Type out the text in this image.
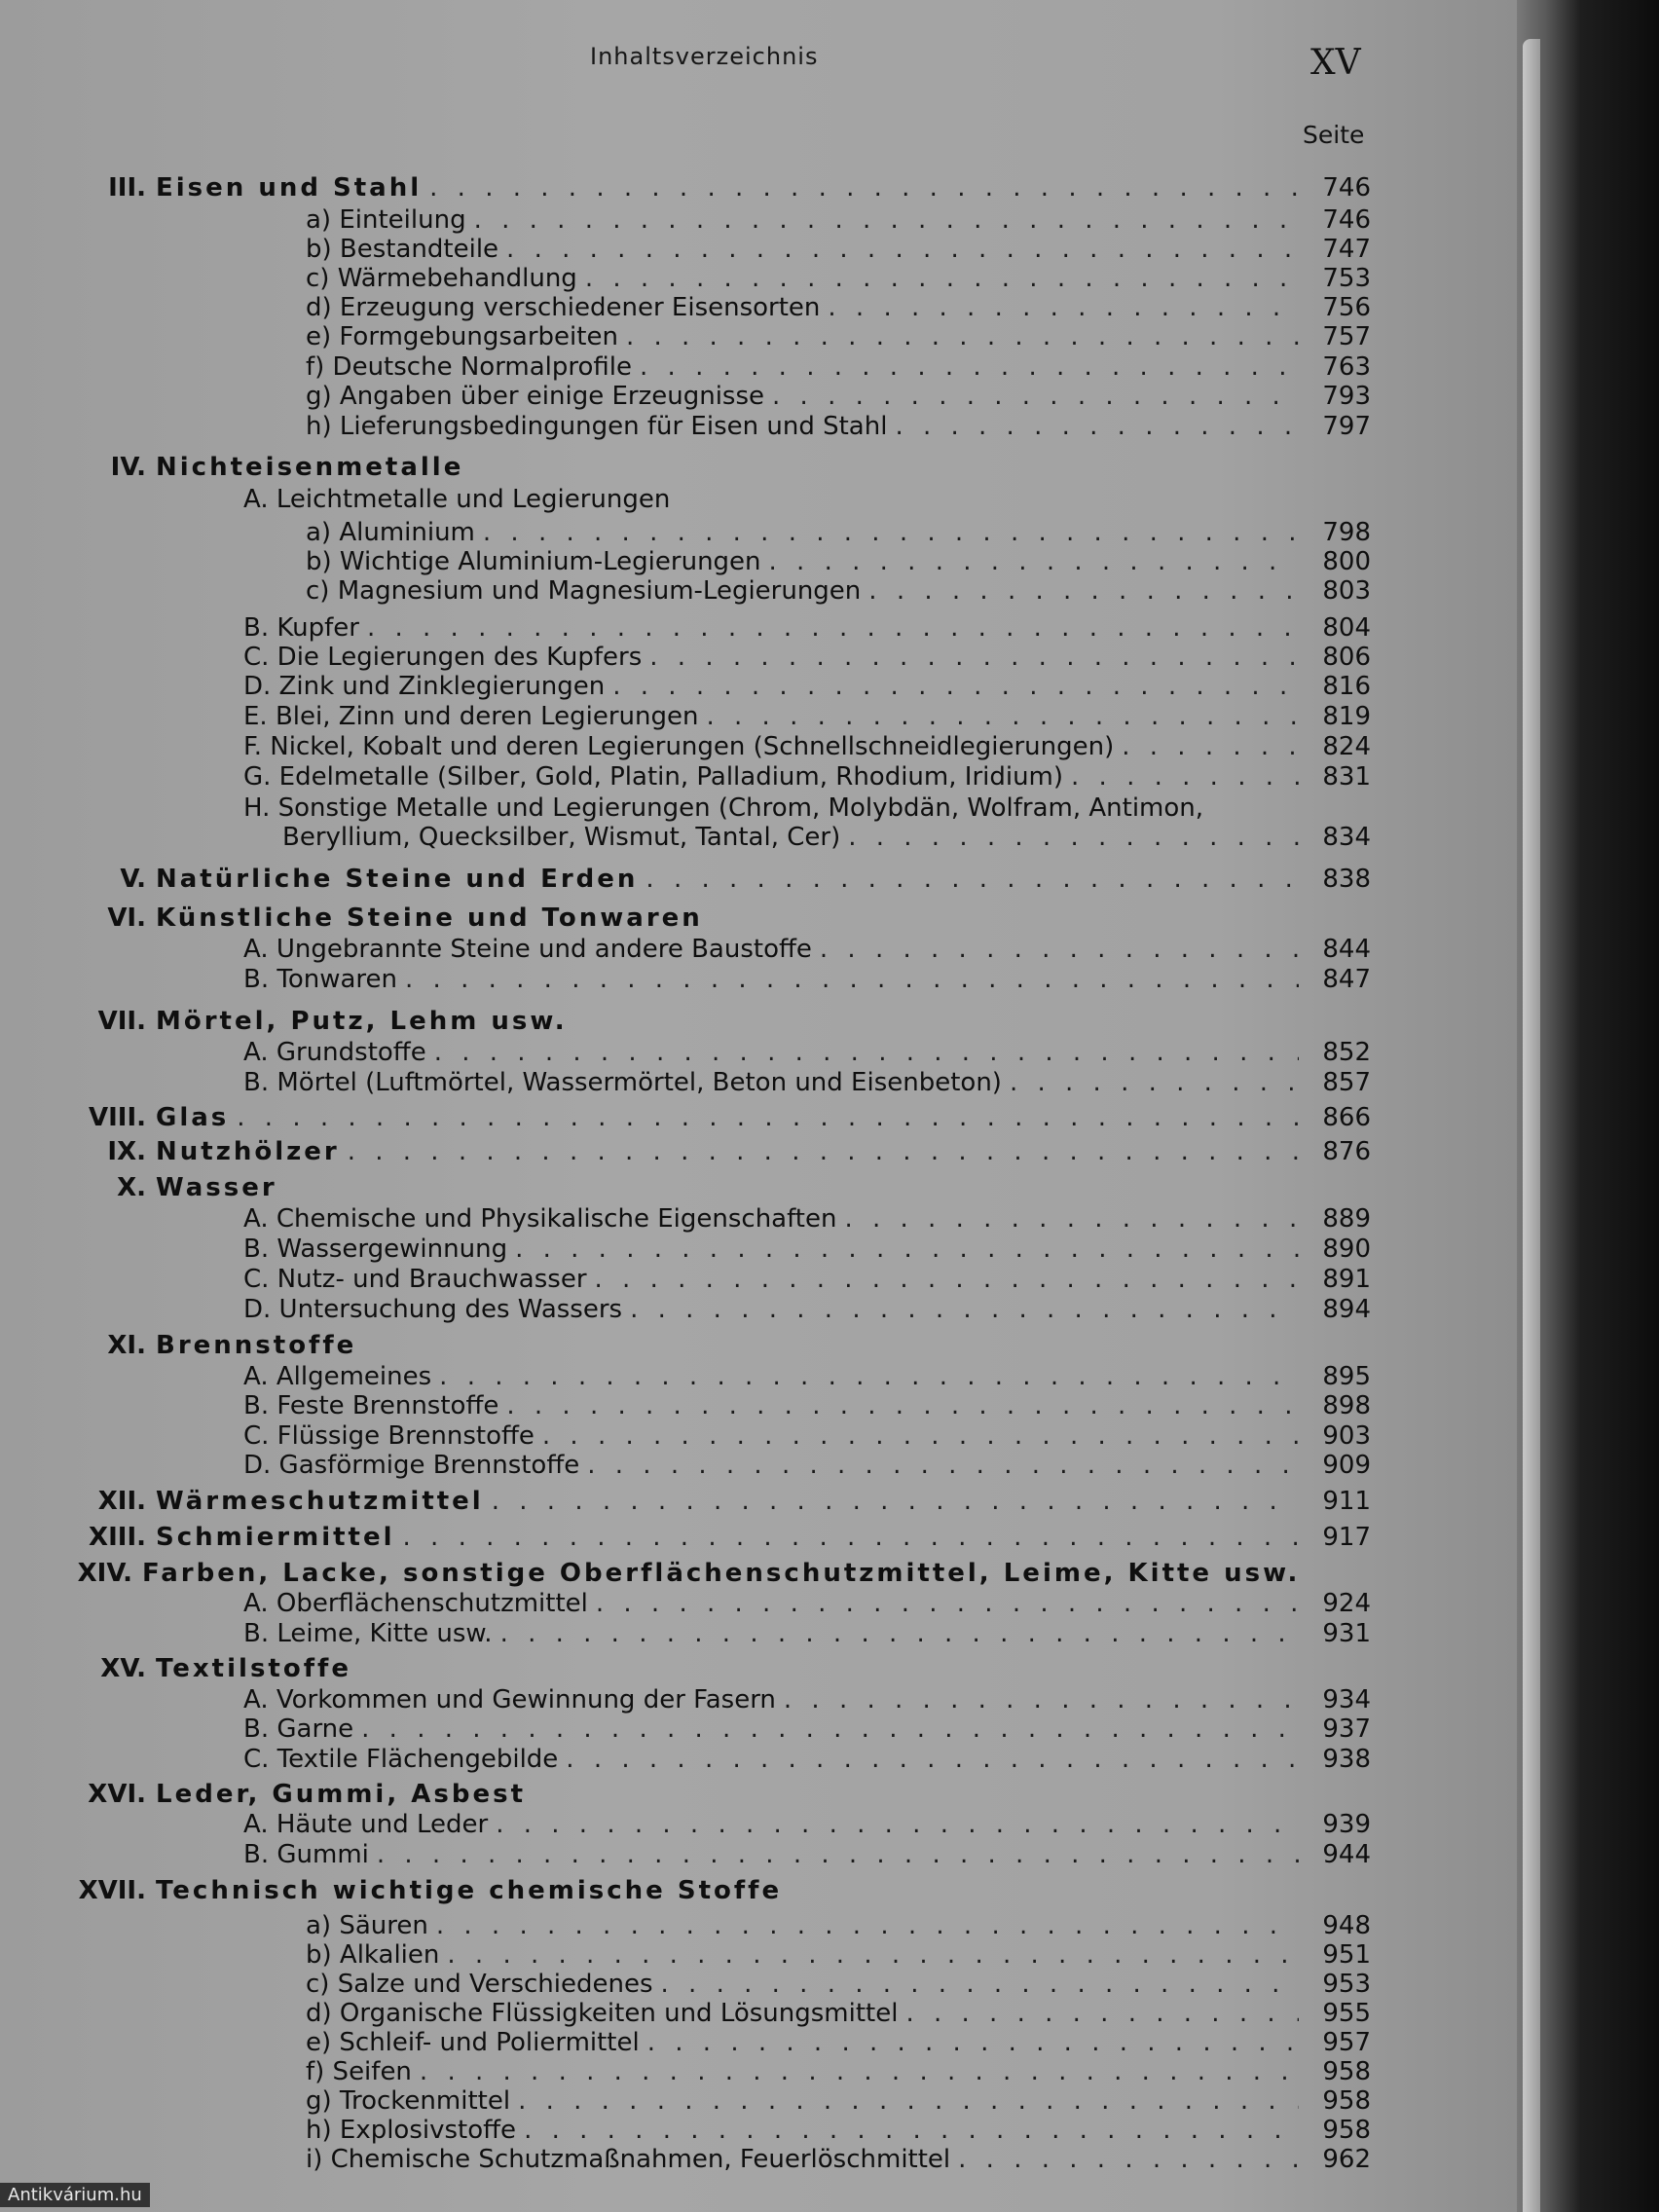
Inhaltsverzeichnis	XV
Seite
III. Eisen und Stahl . . .	746
a) Einteilung . . .	746
b) Bestandteile . . .	747
c) Wärmebehandlung . . .	753
d) Erzeugung verschiedener Eisensorten . . .	756
e) Formgebungsarbeiten . . .	757
f) Deutsche Normalprofile . . .	763
g) Angaben über einige Erzeugnisse . . .	793
h) Lieferungsbedingungen für Eisen und Stahl . . .	797
IV. Nichteisenmetalle
A. Leichtmetalle und Legierungen
a) Aluminium . . .	798
b) Wichtige Aluminium-Legierungen . . .	800
c) Magnesium und Magnesium-Legierungen . . .	803
B. Kupfer . . .	804
C. Die Legierungen des Kupfers . . .	806
D. Zink und Zinklegierungen . . .	816
E. Blei, Zinn und deren Legierungen . . .	819
F. Nickel, Kobalt und deren Legierungen (Schnellschneidlegierungen) . . .	824
G. Edelmetalle (Silber, Gold, Platin, Palladium, Rhodium, Iridium) . . .	831
H. Sonstige Metalle und Legierungen (Chrom, Molybdän, Wolfram, Antimon,
Beryllium, Quecksilber, Wismut, Tantal, Cer) . . .	834
V. Natürliche Steine und Erden . . .	838
VI. Künstliche Steine und Tonwaren
A. Ungebrannte Steine und andere Baustoffe . . .	844
B. Tonwaren . . .	847
VII. Mörtel, Putz, Lehm usw.
A. Grundstoffe . . .	852
B. Mörtel (Luftmörtel, Wassermörtel, Beton und Eisenbeton) . . .	857
VIII. Glas . . .	866
IX. Nutzhölzer . . .	876
X. Wasser
A. Chemische und Physikalische Eigenschaften . . .	889
B. Wassergewinnung . . .	890
C. Nutz- und Brauchwasser . . .	891
D. Untersuchung des Wassers . . .	894
XI. Brennstoffe
A. Allgemeines . . .	895
B. Feste Brennstoffe . . .	898
C. Flüssige Brennstoffe . . .	903
D. Gasförmige Brennstoffe . . .	909
XII. Wärmeschutzmittel . . .	911
XIII. Schmiermittel . . .	917
XIV. Farben, Lacke, sonstige Oberflächenschutzmittel, Leime, Kitte usw.
A. Oberflächenschutzmittel . . .	924
B. Leime, Kitte usw. . . .	931
XV. Textilstoffe
A. Vorkommen und Gewinnung der Fasern . . .	934
B. Garne . . .	937
C. Textile Flächengebilde . . .	938
XVI. Leder, Gummi, Asbest
A. Häute und Leder . . .	939
B. Gummi . . .	944
XVII. Technisch wichtige chemische Stoffe
a) Säuren . . .	948
b) Alkalien . . .	951
c) Salze und Verschiedenes . . .	953
d) Organische Flüssigkeiten und Lösungsmittel . . .	955
e) Schleif- und Poliermittel . . .	957
f) Seifen . . .	958
g) Trockenmittel . . .	958
h) Explosivstoffe . . .	958
i) Chemische Schutzmaßnahmen, Feuerlöschmittel . . .	962
Antikvárium.hu
